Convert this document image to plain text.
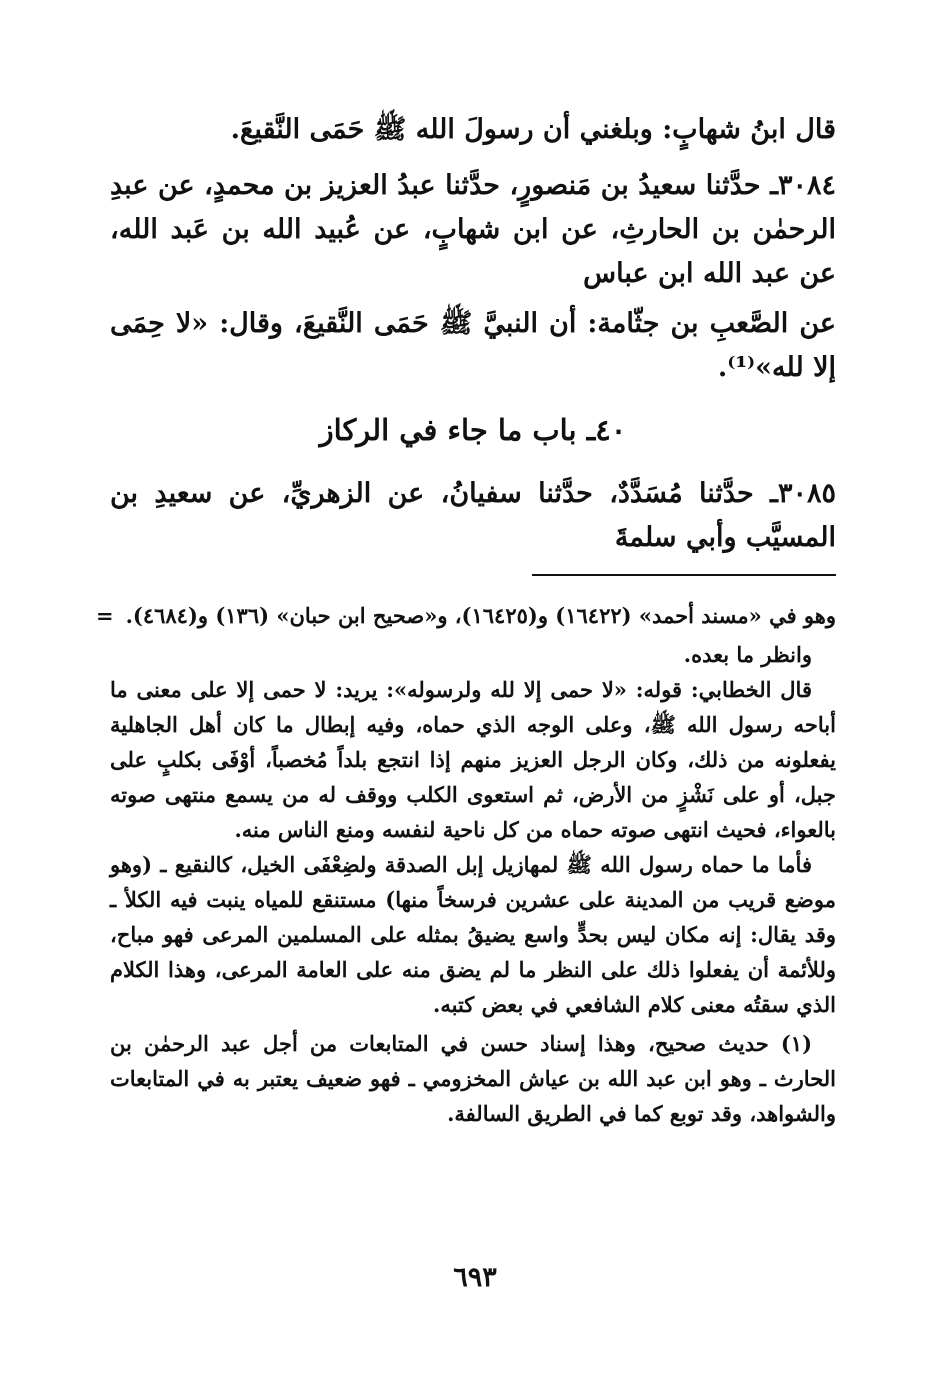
قال ابنُ شهابٍ: وبلغني أن رسولَ الله ﷺ حَمَى النَّقيعَ.

٣٠٨٤ـ حدَّثنا سعيدُ بن مَنصورٍ، حدَّثنا عبدُ العزيز بن محمدٍ، عن عبدِ الرحمٰن بن الحارثِ، عن ابن شهابٍ، عن عُبيد الله بن عَبد الله، عن عبد الله ابن عباس

عن الصَّعبِ بن جثّامة: أن النبيَّ ﷺ حَمَى النَّقيعَ، وقال: «لا حِمَى إلا لله»⁽¹⁾.

٤٠ـ باب ما جاء في الركاز

٣٠٨٥ـ حدَّثنا مُسَدَّدٌ، حدَّثنا سفيانُ، عن الزهريِّ، عن سعيدِ بن المسيَّب وأبي سلمةَ

= وهو في «مسند أحمد» (١٦٤٢٢) و(١٦٤٢٥)، و«صحيح ابن حبان» (١٣٦) و(٤٦٨٤).

وانظر ما بعده.

قال الخطابي: قوله: «لا حمى إلا لله ولرسوله»: يريد: لا حمى إلا على معنى ما أباحه رسول الله ﷺ، وعلى الوجه الذي حماه، وفيه إبطال ما كان أهل الجاهلية يفعلونه من ذلك، وكان الرجل العزيز منهم إذا انتجع بلداً مُخصباً، أوْفَى بكلبٍ على جبل، أو على نَشْزٍ من الأرض، ثم استعوى الكلب ووقف له من يسمع منتهى صوته بالعواء، فحيث انتهى صوته حماه من كل ناحية لنفسه ومنع الناس منه.

فأما ما حماه رسول الله ﷺ لمهازيل إبل الصدقة ولضِعْفَى الخيل، كالنقيع ـ (وهو موضع قريب من المدينة على عشرين فرسخاً منها) مستنقع للمياه ينبت فيه الكلأ ـ وقد يقال: إنه مكان ليس بحدٍّ واسع يضيقُ بمثله على المسلمين المرعى فهو مباح، وللأئمة أن يفعلوا ذلك على النظر ما لم يضق منه على العامة المرعى، وهذا الكلام الذي سقتُه معنى كلام الشافعي في بعض كتبه.

(١) حديث صحيح، وهذا إسناد حسن في المتابعات من أجل عبد الرحمٰن بن الحارث ـ وهو ابن عبد الله بن عياش المخزومي ـ فهو ضعيف يعتبر به في المتابعات والشواهد، وقد توبع كما في الطريق السالفة.

٦٩٣
